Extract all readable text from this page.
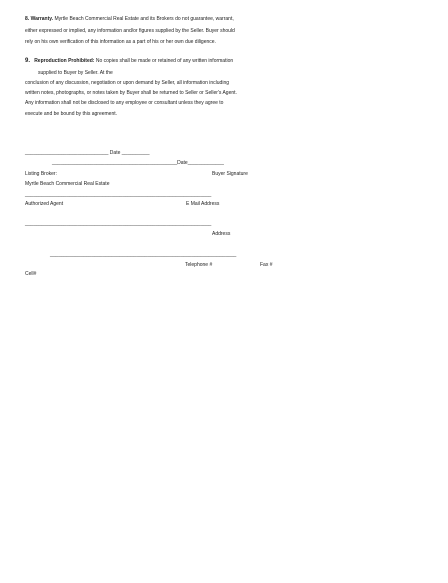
8. Warranty. Myrtle Beach Commercial Real Estate and its Brokers do not guarantee, warrant,
either expressed or implied, any information and/or figures supplied by the Seller. Buyer should
rely on his own verification of this information as a part of his or her own due diligence.
9. Reproduction Prohibited: No copies shall be made or retained of any written information
supplied to Buyer by Seller. At the
conclusion of any discussion, negotiation or upon demand by Seller, all information including
written notes, photographs, or notes taken by Buyer shall be returned to Seller or Seller's Agent.
Any information shall not be disclosed to any employee or consultant unless they agree to
execute and be bound by this agreement.
______________________________ Date __________
_____________________________________________Date_____________
Listing Broker:	Buyer Signature
Myrtle Beach Commercial Real Estate
___________________________________________________________________
Authorized Agent	E Mail Address
___________________________________________________________________
Address
___________________________________________________________________
Telephone #	Fax #
Cell#
